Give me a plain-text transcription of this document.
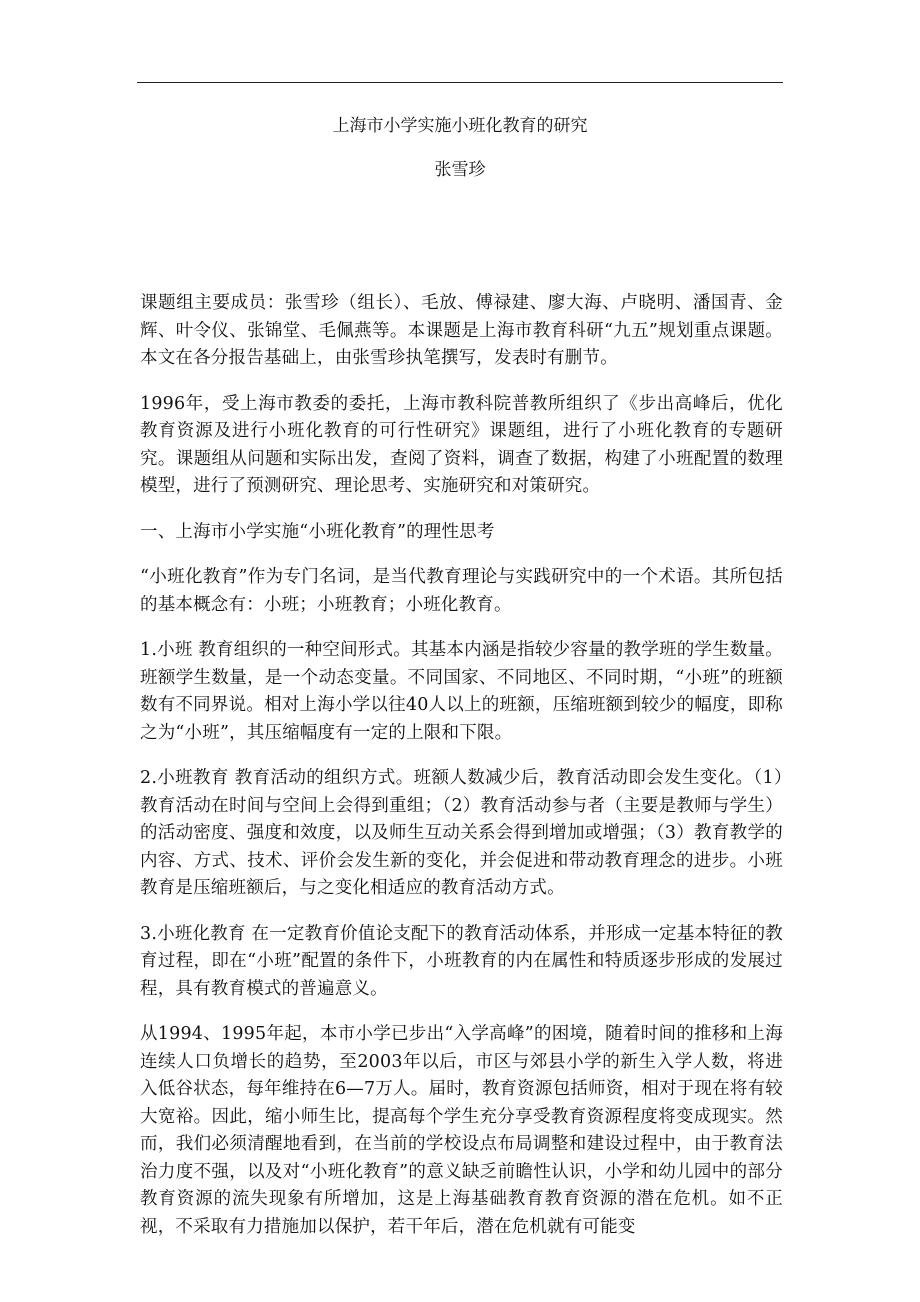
上海市小学实施小班化教育的研究
张雪珍

课题组主要成员：张雪珍（组长）、毛放、傅禄建、廖大海、卢晓明、潘国青、金辉、叶令仪、张锦堂、毛佩燕等。本课题是上海市教育科研“九五”规划重点课题。本文在各分报告基础上，由张雪珍执笔撰写，发表时有删节。

1996年，受上海市教委的委托，上海市教科院普教所组织了《步出高峰后，优化教育资源及进行小班化教育的可行性研究》课题组，进行了小班化教育的专题研究。课题组从问题和实际出发，查阅了资料，调查了数据，构建了小班配置的数理模型，进行了预测研究、理论思考、实施研究和对策研究。

一、上海市小学实施“小班化教育”的理性思考

“小班化教育”作为专门名词，是当代教育理论与实践研究中的一个术语。其所包括的基本概念有：小班；小班教育；小班化教育。

1.小班 教育组织的一种空间形式。其基本内涵是指较少容量的教学班的学生数量。班额学生数量，是一个动态变量。不同国家、不同地区、不同时期，“小班”的班额数有不同界说。相对上海小学以往40人以上的班额，压缩班额到较少的幅度，即称之为“小班”，其压缩幅度有一定的上限和下限。

2.小班教育 教育活动的组织方式。班额人数减少后，教育活动即会发生变化。（1）教育活动在时间与空间上会得到重组；（2）教育活动参与者（主要是教师与学生）的活动密度、强度和效度，以及师生互动关系会得到增加或增强；（3）教育教学的内容、方式、技术、评价会发生新的变化，并会促进和带动教育理念的进步。小班教育是压缩班额后，与之变化相适应的教育活动方式。

3.小班化教育 在一定教育价值论支配下的教育活动体系，并形成一定基本特征的教育过程，即在“小班”配置的条件下，小班教育的内在属性和特质逐步形成的发展过程，具有教育模式的普遍意义。

从1994、1995年起，本市小学已步出“入学高峰”的困境，随着时间的推移和上海连续人口负增长的趋势，至2003年以后，市区与郊县小学的新生入学人数，将进入低谷状态，每年维持在6—7万人。届时，教育资源包括师资，相对于现在将有较大宽裕。因此，缩小师生比，提高每个学生充分享受教育资源程度将变成现实。然而，我们必须清醒地看到，在当前的学校设点布局调整和建设过程中，由于教育法治力度不强，以及对“小班化教育”的意义缺乏前瞻性认识，小学和幼儿园中的部分教育资源的流失现象有所增加，这是上海基础教育教育资源的潜在危机。如不正视，不采取有力措施加以保护，若干年后，潜在危机就有可能变
